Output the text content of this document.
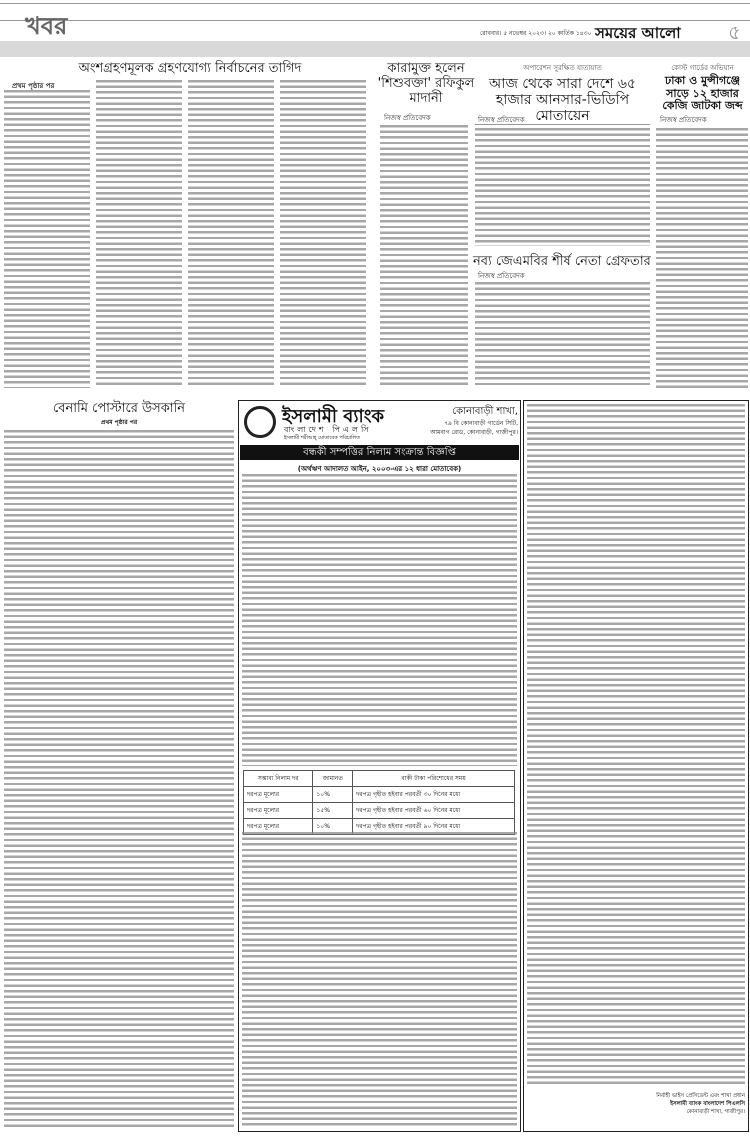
খবর	রোববার। ৫ নভেম্বর ২০২৩। ২০ কার্তিক ১৪৩০ সময়ের আলো ৫
অংশগ্রহণমূলক গ্রহণযোগ্য নির্বাচনের তাগিদ
প্রথম পৃষ্ঠার পর
কারামুক্ত হলেন 'শিশুবক্তা' রফিকুল মাদানী
নিজস্ব প্রতিবেদক
অপারেশন সুরক্ষিত যাতায়াত
আজ থেকে সারা দেশে ৬৫ হাজার আনসার-ভিডিপি মোতায়েন
নিজস্ব প্রতিবেদক
নব্য জেএমবির শীর্ষ নেতা গ্রেফতার
নিজস্ব প্রতিবেদক
কোস্ট গার্ডের অভিযান
ঢাকা ও মুন্সীগঞ্জে সাড়ে ১২ হাজার কেজি জাটকা জব্দ
নিজস্ব প্রতিবেদক
বেনামি পোস্টারে উসকানি
প্রথম পৃষ্ঠার পর	ইসলামী ব্যাংক
বাংলাদেশ পিএলসি
ইসলামী শরীআহ্ মোতাবেক পরিচালিত
কোনাবাড়ী শাখা,
৭৯ বি কোনাবাড়ী গার্ডেন সিটি,
আমবাগ রোড, কোনাবাড়ী, গাজীপুর।
বন্ধকী সম্পত্তির নিলাম সংক্রান্ত বিজ্ঞপ্তি
(অর্থঋণ আদালত আইন, ২০০৩-এর ১২ ধারা মোতাবেক)
সম্ভাব্য নিলাম দর	জামানত	বাকী টাকা পরিশোধের সময়
দরপত্র মূল্যের	১০%	দরপত্র গৃহীত হইবার পরবর্তী ৩০ দিনের মধ্যে
দরপত্র মূল্যের	১৫%	দরপত্র গৃহীত হইবার পরবর্তী ৬০ দিনের মধ্যে
দরপত্র মূল্যের	১০%	দরপত্র গৃহীত হইবার পরবর্তী ৯০ দিনের মধ্যে
নির্বাহী ভাইস প্রেসিডেন্ট এবং শাখা প্রধান
ইসলামী ব্যাংক বাংলাদেশ পিএলসি
কোনাবাড়ী শাখা, গাজীপুর।
